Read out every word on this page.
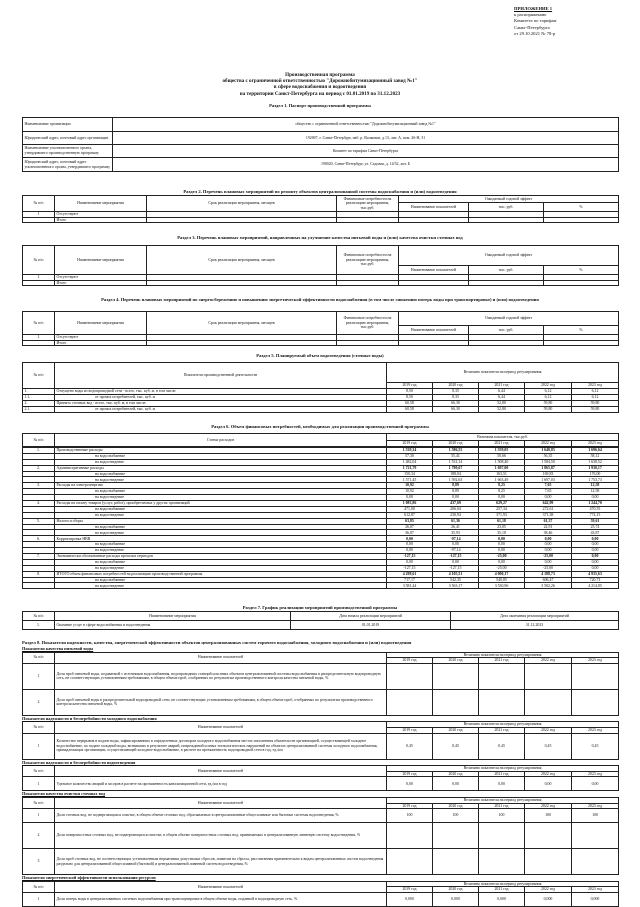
ПРИЛОЖЕНИЕ 1
к распоряжению
Комитета по тарифам
Санкт-Петербурга
от 29.10.2021 № 78-р
Производственная программа
общества с ограниченной ответственностью "Дорожнобитумизационный завод №1"
в сфере водоснабжения и водоотведения
на территории Санкт-Петербурга на период с 01.01.2019 по 31.12.2023

Раздел 1. Паспорт производственной программы

Наименование организации	общество с ограниченной ответственностью "Дорожнобитумизационный завод №1"
Юридический адрес, почтовый адрес организации	192007, г. Санкт-Петербург, наб. р. Волковки, д.13, лит. А, пом. 26-Н, 31
Наименование уполномоченного органа, утвердившего производственную программу	Комитет по тарифам Санкт-Петербурга
Юридический адрес, почтовый адрес уполномоченного органа, утвердившего программу	190020, Санкт-Петербург, ул. Садовая, д. 14/52, лит. Б

Раздел 2. Перечень плановых мероприятий по ремонту объектов централизованной системы водоснабжения и (или) водоотведения

№ п/п	Наименование мероприятия	Срок реализации мероприятия, месяцев	Финансовые потребности на реализацию мероприятия, тыс.руб.	Ожидаемый годовой эффект		
				Наименование показателей	тыс. руб.	%
1	Отсутствуют					
	Итого					

Раздел 3. Перечень плановых мероприятий, направленных на улучшение качества питьевой воды и (или) качества очистки сточных вод

№ п/п	Наименование мероприятия	Срок реализации мероприятия, месяцев	Финансовые потребности на реализацию мероприятия, тыс.руб.	Ожидаемый годовой эффект		
				Наименование показателей	тыс. руб.	%
1	Отсутствуют					
	Итого					

Раздел 4. Перечень плановых мероприятий по энергосбережению и повышению энергетической эффективности водоснабжения (в том числе снижению потерь воды при транспортировке) и (или) водоотведения

№ п/п	Наименование мероприятия	Срок реализации мероприятия, месяцев	Финансовые потребности на реализацию мероприятия, тыс.руб.	Ожидаемый годовой эффект		
				Наименование показателей	тыс. руб.	%
1	Отсутствуют					
	Итого					

Раздел 5. Планируемый объем водоотведения (сточные воды)

№ п/п	Показатели производственной деятельности	Величина показателя на период регулирования				
		2019 год	2020 год	2021 год	2022 год	2023 год
1.	Отпущено воды из водопроводной сети - всего, тыс. куб. м, в том числе:	8,50	8,35	6,44	6,12	6,12
1.1.	от прочих потребителей, тыс. куб. м	8,50	8,35	6,44	6,12	6,12
2.	Принято сточных вод - всего, тыс. куб. м, в том числе:	60,58	66,30	52,80	59,80	59,80
2.1.	от прочих потребителей, тыс. куб. м	60,58	66,30	52,80	59,80	59,80

Раздел 6. Объем финансовых потребностей, необходимых для реализации производственной программы

№ п/п	Статьи расходов	Величина показателя, тыс.руб.				
		2019 год	2020 год	2021 год	2022 год	2023 год
1.	Производственные расходы	1 539,34	1 586,55	1 559,05	1 640,85	1 696,64
	на водоснабжение	57,30	55,41	50,66	56,35	58,12
	на водоотведение	1 482,04	1 531,14	1 508,40	1 584,50	1 638,52
2.	Административные расходы	1 721,79	1 780,67	1 697,00	1 865,87	1 930,17
	на водоснабжение	150,34	188,04	163,51	169,83	176,00
	на водоотведение	1 571,45	1 592,63	1 663,49	1 697,03	1 753,73
3.	Расходы на электроэнергию	10,92	8,89	8,25	7,65	12,58
	на водоснабжение	10,92	8,89	8,25	7,65	12,58
	на водоотведение	0,00	0,00	0,00	0,00	0,00
4.	Расходы на оплату товаров (услуг, работ), приобретаемых у других организаций	1 083,86	437,69	629,27	642,99	1 244,70
	на водоснабжение	471,00	206,04	257,34	272,61	470,55
	на водоотведение	612,87	230,94	371,93	371,38	774,15
5.	Налоги и сборы	63,85	61,36	61,18	61,37	59,61
	на водоснабжение	26,07	26,41	23,05	22,91	23,74
	на водоотведение	36,87	35,93	35,18	38,46	43,87
6.	Корректировка НВВ	0,00	-97,14	0,00	0,00	0,00
	на водоснабжение	0,00	0,00	0,00	0,00	0,00
	на водоотведение	0,00	-97,14	0,00	0,00	0,00
7.	Экономически обоснованные расходы прошлых периодов	-127,15	-127,15	-25,00	-25,00	0,00
	на водоснабжение	0,00	0,00	0,00	0,00	0,00
	на водоотведение	-127,15	-127,15	-25,00	-25,00	0,00
8.	ИТОГО объем финансовых потребностей на реализацию производственной программы	4 298,61	4 105,51	4 000,17	4 188,73	4 935,63
	на водоснабжение	717,17	542,35	540,85	606,47	720,73
	на водоотведение	3 581,44	3 563,17	3 530,96	3 582,26	4 214,85

Раздел 7. График реализации мероприятий производственной программы

№ п/п	Наименование мероприятия	Дата начала реализации мероприятий	Дата окончания реализации мероприятий
1.	Оказание услуг в сфере водоснабжения и водоотведения	01.01.2019	31.12.2023

Раздел 8. Показатели надежности, качества, энергетической эффективности объектов централизованных систем горячего водоснабжения, холодного водоснабжения и (или) водоотведения

Показатели качества питьевой воды

№ п/п	Наименование показателей	Величина показателя на период регулирования				
		2019 год	2020 год	2021 год	2022 год	2023 год
1	Доля проб питьевой воды, подаваемой с источников водоснабжения, водопроводных станций или иных объектов централизованной системы водоснабжения в распределительную водопроводную сеть, не соответствующих установленным требованиям, в общем объеме проб, отобранных по результатам производственного контроля качества питьевой воды, %					
2	Доля проб питьевой воды в распределительной водопроводной сети, не соответствующих установленным требованиям, в общем объеме проб, отобранных по результатам производственного контроля качества питьевой воды, %					

Показатели надежности и бесперебойности холодного водоснабжения

№ п/п	Наименование показателей	Величина показателя на период регулирования				
		2019 год	2020 год	2021 год	2022 год	2023 год
1	Количество перерывов в подаче воды, зафиксированных в определенных договором холодного водоснабжения местах исполнения обязательств организацией, осуществляющей холодное водоснабжение, по подаче холодной воды, возникших в результате аварий, повреждений и иных технологических нарушений на объектах централизованной системы холодного водоснабжения, принадлежащих организации, осуществляющей холодное водоснабжение, в расчете на протяженность водопроводной сети в год, ед./км	0,45	0,45	0,45	0,45	0,45

Показатели надежности и бесперебойности водоотведения

№ п/п	Наименование показателей	Величина показателя на период регулирования				
		2019 год	2020 год	2021 год	2022 год	2023 год
1	Удельное количество аварий и засоров в расчете на протяженность канализационной сети, ед./км в год	0,00	0,00	0,00	0,00	0,00

Показатели качества очистки сточных вод

№ п/п	Наименование показателей	Величина показателя на период регулирования				
		2019 год	2020 год	2021 год	2022 год	2023 год
1	Доля сточных вод, не подвергающихся очистке, в общем объеме сточных вод, сбрасываемых в централизованные общесплавные или бытовые системы водоотведения, %	100	100	100	100	100
2	Доля поверхностных сточных вод, не подвергающихся очистке, в общем объеме поверхностных сточных вод, принимаемых в централизованную ливневую систему водоотведения, %					
3	Доля проб сточных вод, не соответствующих установленным нормативам допустимых сбросов, лимитам на сбросы, рассчитанная применительно к видам централизованных систем водоотведения раздельно для централизованной общесплавной (бытовой) и централизованной ливневой систем водоотведения, %					

Показатели энергетической эффективности использования ресурсов

№ п/п	Наименование показателей	Величина показателя на период регулирования				
		2019 год	2020 год	2021 год	2022 год	2023 год
1	Доля потерь воды в централизованных системах водоснабжения при транспортировке в общем объеме воды, поданной в водопроводную сеть, %	0,000	0,000	0,000	0,000	0,000
